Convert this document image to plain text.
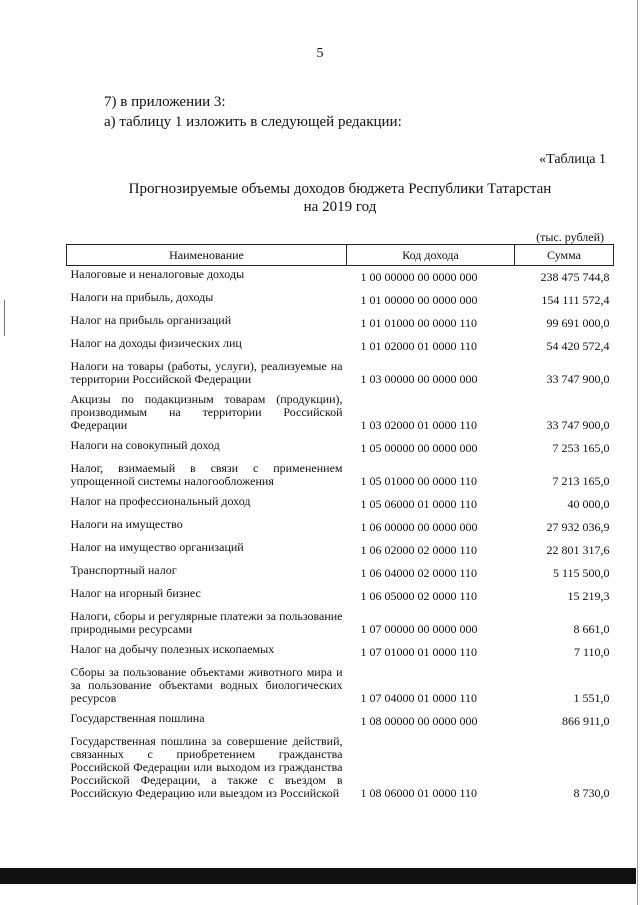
5
7) в приложении 3:
а) таблицу 1 изложить в следующей редакции:
«Таблица 1
Прогнозируемые объемы доходов бюджета Республики Татарстан
на 2019 год
(тыс. рублей)
Наименование	Код дохода	Сумма
Налоговые и неналоговые доходы	1 00 00000 00 0000 000	238 475 744,8
Налоги на прибыль, доходы	1 01 00000 00 0000 000	154 111 572,4
Налог на прибыль организаций	1 01 01000 00 0000 110	99 691 000,0
Налог на доходы физических лиц	1 01 02000 01 0000 110	54 420 572,4
Налоги на товары (работы, услуги), реализуемые на территории Российской Федерации	1 03 00000 00 0000 000	33 747 900,0
Акцизы по подакцизным товарам (продукции), производимым на территории Российской Федерации	1 03 02000 01 0000 110	33 747 900,0
Налоги на совокупный доход	1 05 00000 00 0000 000	7 253 165,0
Налог, взимаемый в связи с применением упрощенной системы налогообложения	1 05 01000 00 0000 110	7 213 165,0
Налог на профессиональный доход	1 05 06000 01 0000 110	40 000,0
Налоги на имущество	1 06 00000 00 0000 000	27 932 036,9
Налог на имущество организаций	1 06 02000 02 0000 110	22 801 317,6
Транспортный налог	1 06 04000 02 0000 110	5 115 500,0
Налог на игорный бизнес	1 06 05000 02 0000 110	15 219,3
Налоги, сборы и регулярные платежи за пользование природными ресурсами	1 07 00000 00 0000 000	8 661,0
Налог на добычу полезных ископаемых	1 07 01000 01 0000 110	7 110,0
Сборы за пользование объектами животного мира и за пользование объектами водных биологических ресурсов	1 07 04000 01 0000 110	1 551,0
Государственная пошлина	1 08 00000 00 0000 000	866 911,0
Государственная пошлина за совершение действий, связанных с приобретением гражданства Российской Федерации или выходом из гражданства Российской Федерации, а также с въездом в Российскую Федерацию или выездом из Российской	1 08 06000 01 0000 110	8 730,0
